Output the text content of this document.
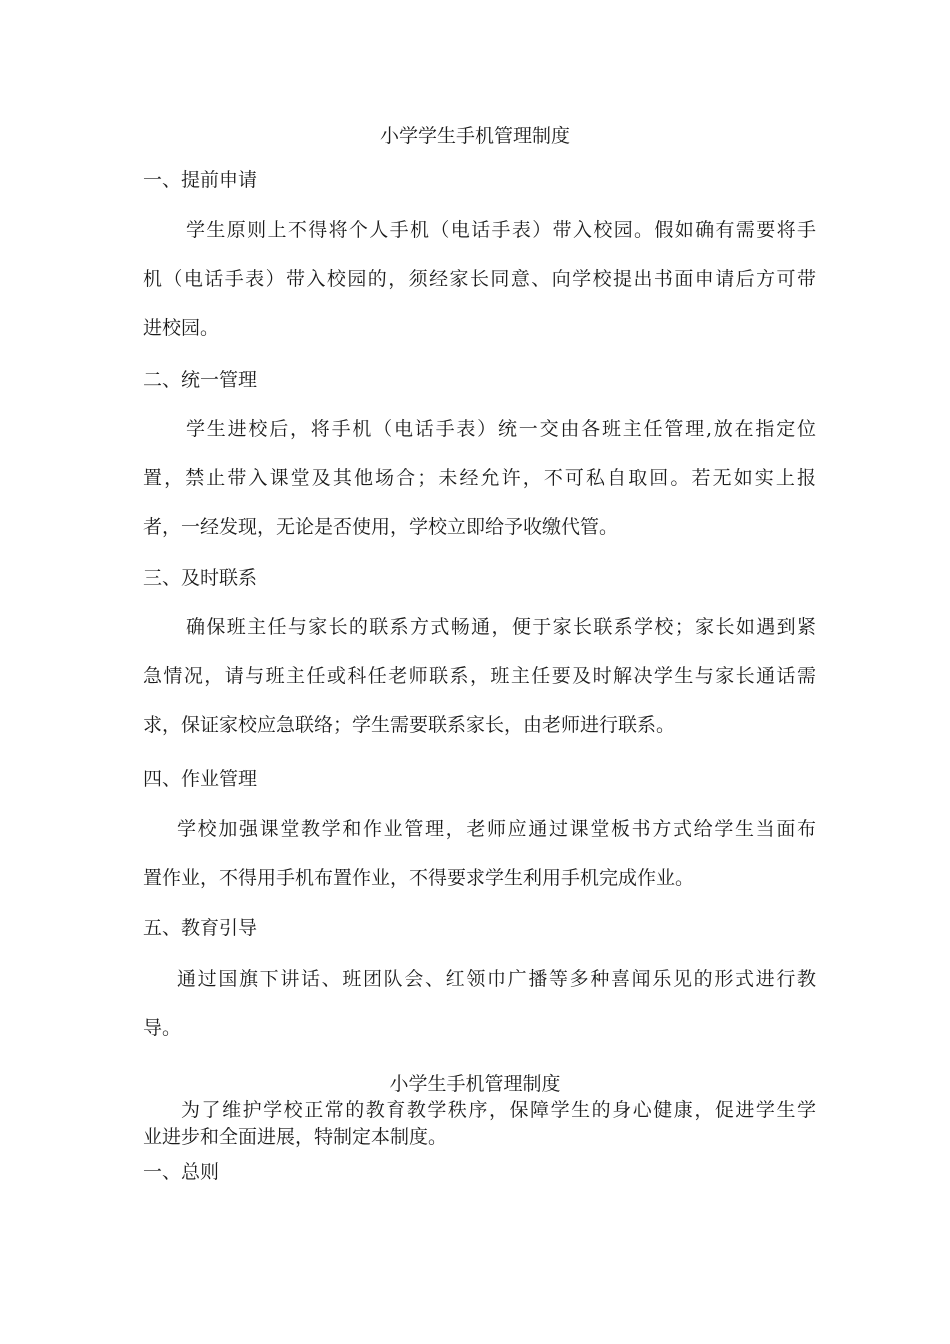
小学学生手机管理制度
一、提前申请
学生原则上不得将个人手机（电话手表）带入校园。假如确有需要将手
机（电话手表）带入校园的，须经家长同意、向学校提出书面申请后方可带
进校园。
二、统一管理
学生进校后，将手机（电话手表）统一交由各班主任管理,放在指定位
置，禁止带入课堂及其他场合；未经允许，不可私自取回。若无如实上报
者，一经发现，无论是否使用，学校立即给予收缴代管。
三、及时联系
确保班主任与家长的联系方式畅通，便于家长联系学校；家长如遇到紧
急情况，请与班主任或科任老师联系，班主任要及时解决学生与家长通话需
求，保证家校应急联络；学生需要联系家长，由老师进行联系。
四、作业管理
学校加强课堂教学和作业管理，老师应通过课堂板书方式给学生当面布
置作业，不得用手机布置作业，不得要求学生利用手机完成作业。
五、教育引导
通过国旗下讲话、班团队会、红领巾广播等多种喜闻乐见的形式进行教
导。
小学生手机管理制度
为了维护学校正常的教育教学秩序，保障学生的身心健康，促进学生学
业进步和全面进展，特制定本制度。
一、总则
